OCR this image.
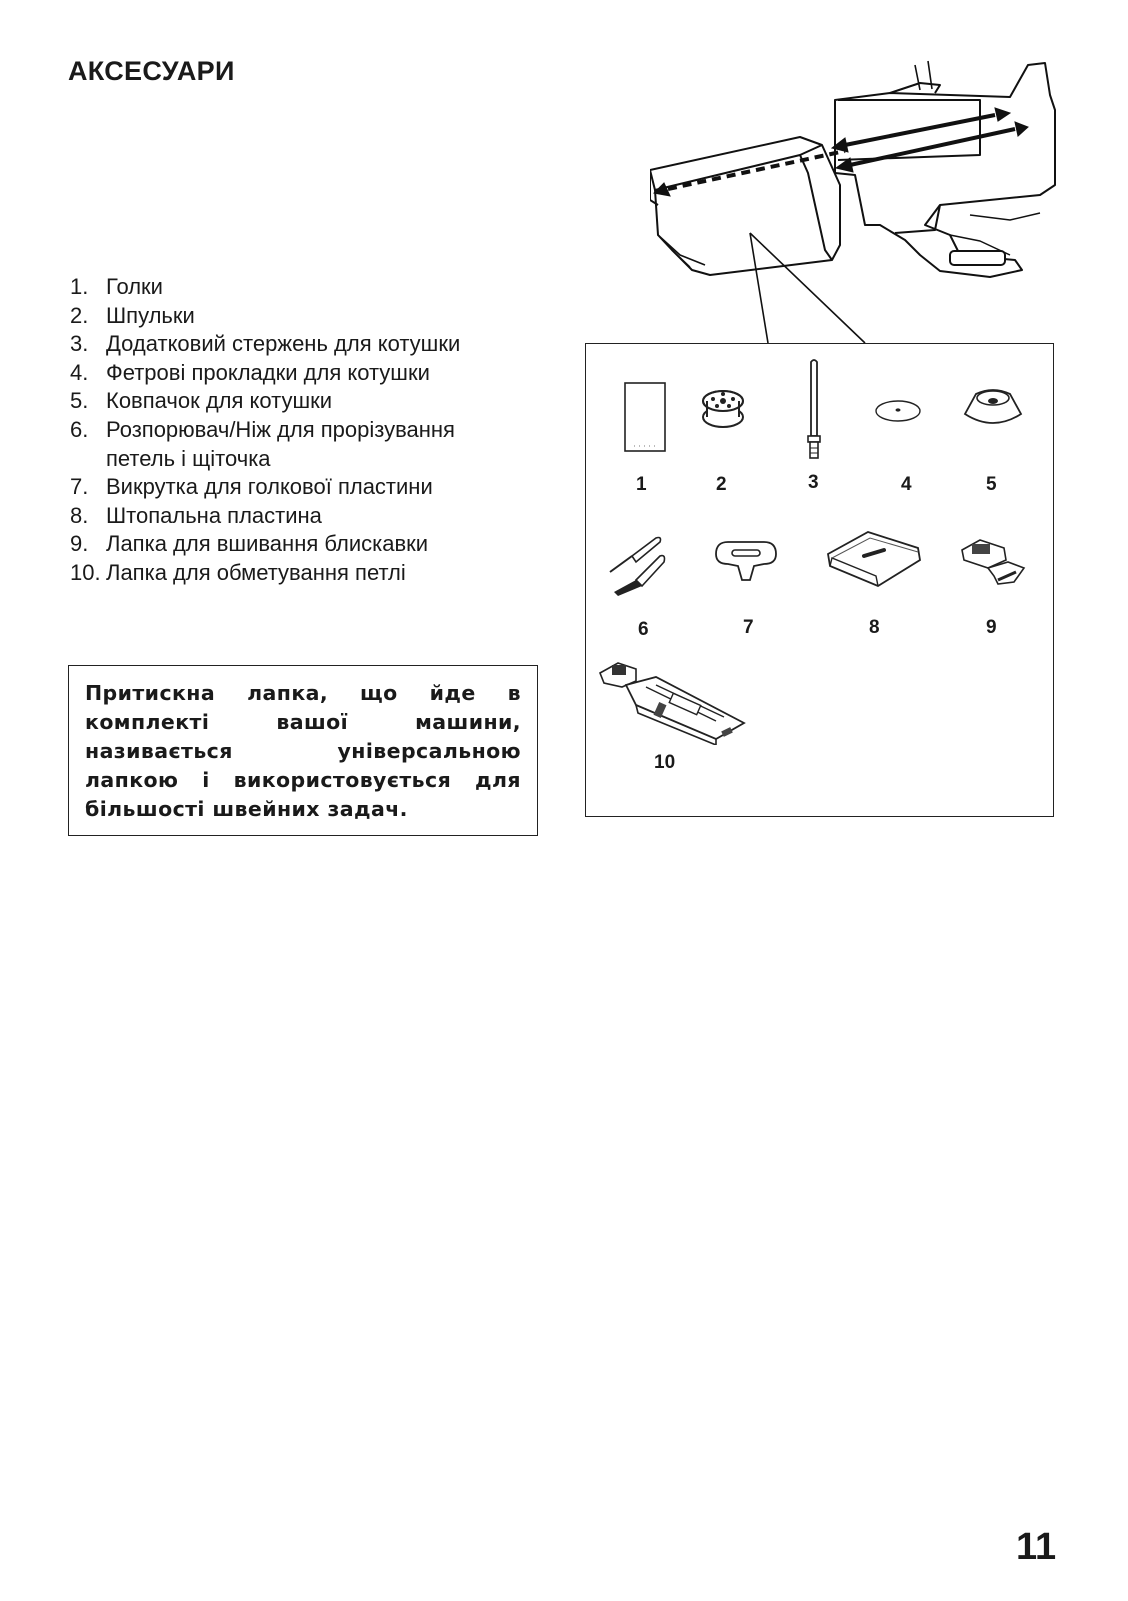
АКСЕСУАРИ
1. Голки
2. Шпульки
3. Додатковий стержень для котушки
4. Фетрові прокладки для котушки
5. Ковпачок для котушки
6. Розпорювач/Ніж для прорізування петель і щіточка
7. Викрутка для голкової пластини
8. Штопальна пластина
9. Лапка для вшивання блискавки
10. Лапка для обметування петлі

Притискна лапка, що йде в комплекті вашої машини, називається універсальною лапкою і використовується для більшості швейних задач.

1	2	3	4	5
6	7	8	9
10
11
